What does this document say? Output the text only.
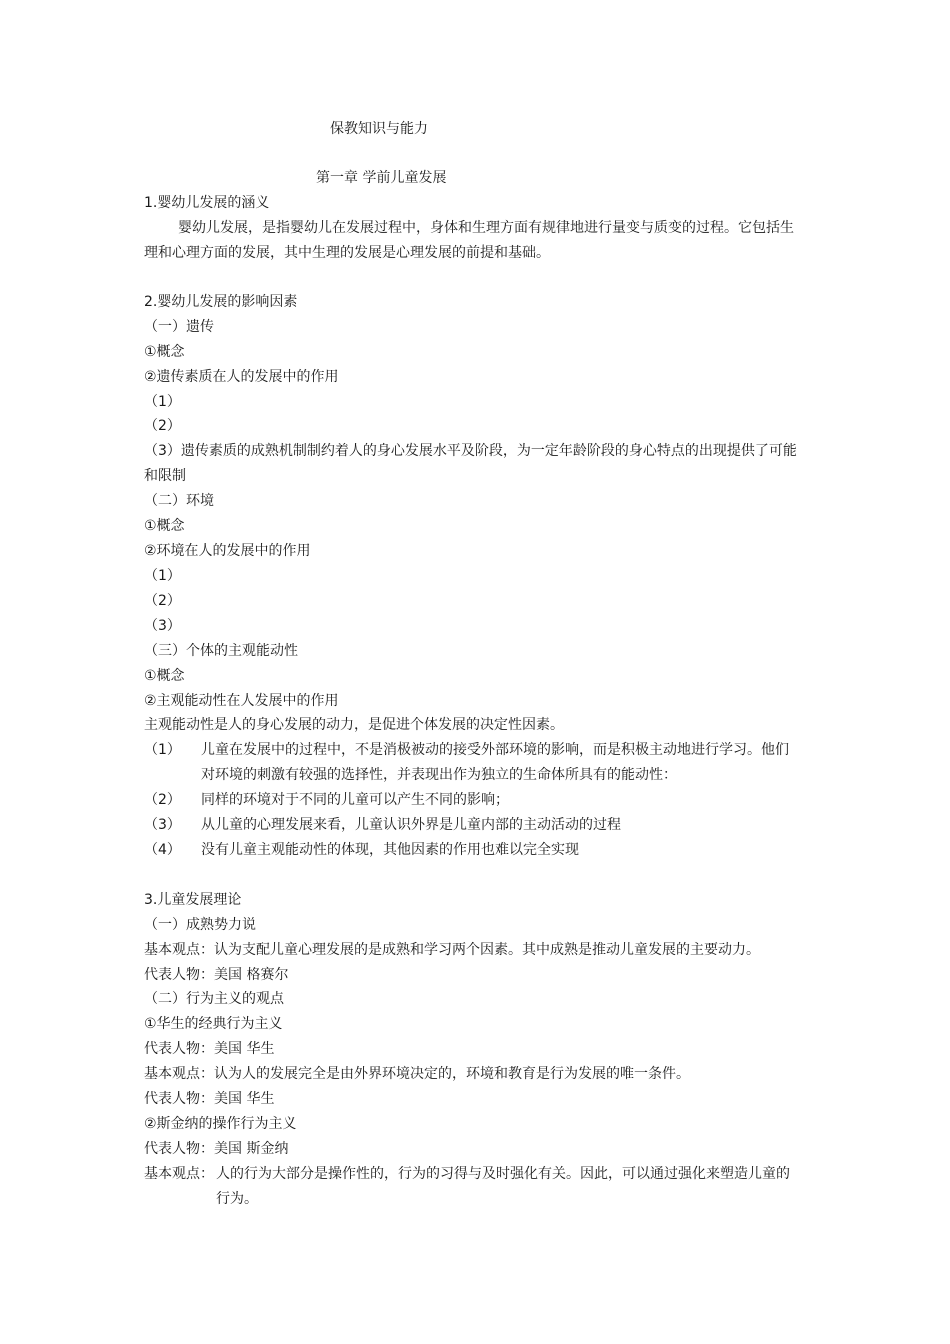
保教知识与能力
第一章 学前儿童发展
1.婴幼儿发展的涵义
婴幼儿发展，是指婴幼儿在发展过程中，身体和生理方面有规律地进行量变与质变的过程。它包括生
理和心理方面的发展，其中生理的发展是心理发展的前提和基础。
2.婴幼儿发展的影响因素
（一）遗传
①概念
②遗传素质在人的发展中的作用
（1）
（2）
（3）遗传素质的成熟机制制约着人的身心发展水平及阶段，为一定年龄阶段的身心特点的出现提供了可能
和限制
（二）环境
①概念
②环境在人的发展中的作用
（1）
（2）
（3）
（三）个体的主观能动性
①概念
②主观能动性在人发展中的作用
主观能动性是人的身心发展的动力，是促进个体发展的决定性因素。
（1） 儿童在发展中的过程中，不是消极被动的接受外部环境的影响，而是积极主动地进行学习。他们
对环境的刺激有较强的选择性，并表现出作为独立的生命体所具有的能动性：
（2） 同样的环境对于不同的儿童可以产生不同的影响；
（3） 从儿童的心理发展来看，儿童认识外界是儿童内部的主动活动的过程
（4） 没有儿童主观能动性的体现，其他因素的作用也难以完全实现
3.儿童发展理论
（一）成熟势力说
基本观点：认为支配儿童心理发展的是成熟和学习两个因素。其中成熟是推动儿童发展的主要动力。
代表人物：美国 格赛尔
（二）行为主义的观点
①华生的经典行为主义
代表人物：美国 华生
基本观点：认为人的发展完全是由外界环境决定的，环境和教育是行为发展的唯一条件。
代表人物：美国 华生
②斯金纳的操作行为主义
代表人物：美国 斯金纳
基本观点： 人的行为大部分是操作性的，行为的习得与及时强化有关。因此，可以通过强化来塑造儿童的
行为。
